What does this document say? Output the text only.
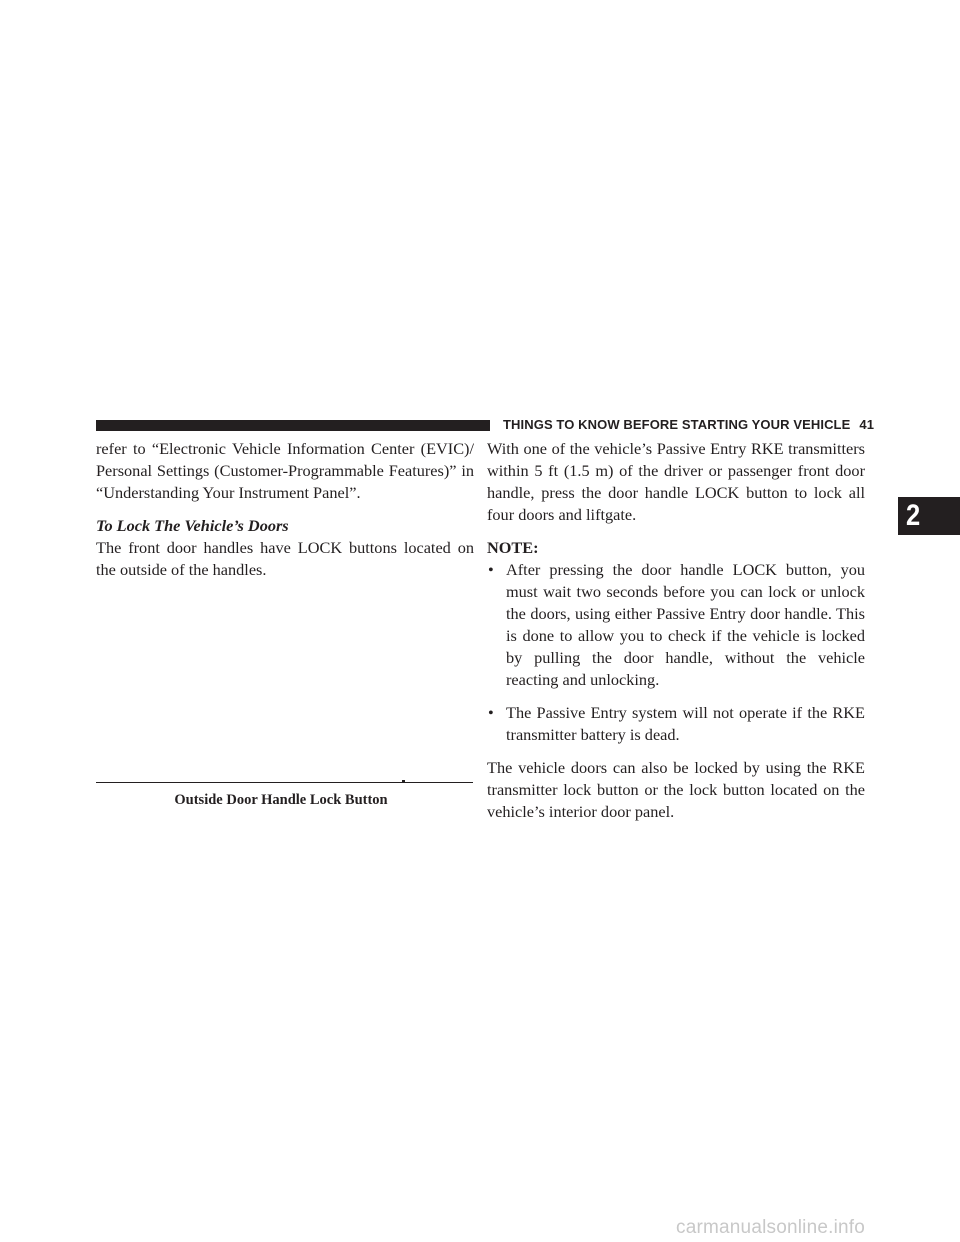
THINGS TO KNOW BEFORE STARTING YOUR VEHICLE 41
2

refer to “Electronic Vehicle Information Center (EVIC)/ Personal Settings (Customer-Programmable Features)” in “Understanding Your Instrument Panel”.

To Lock The Vehicle’s Doors

The front door handles have LOCK buttons located on the outside of the handles.

Outside Door Handle Lock Button

With one of the vehicle’s Passive Entry RKE transmitters within 5 ft (1.5 m) of the driver or passenger front door handle, press the door handle LOCK button to lock all four doors and liftgate.

NOTE:

• After pressing the door handle LOCK button, you must wait two seconds before you can lock or unlock the doors, using either Passive Entry door handle. This is done to allow you to check if the vehicle is locked by pulling the door handle, without the vehicle reacting and unlocking.

• The Passive Entry system will not operate if the RKE transmitter battery is dead.

The vehicle doors can also be locked by using the RKE transmitter lock button or the lock button located on the vehicle’s interior door panel.

carmanualsonline.info
